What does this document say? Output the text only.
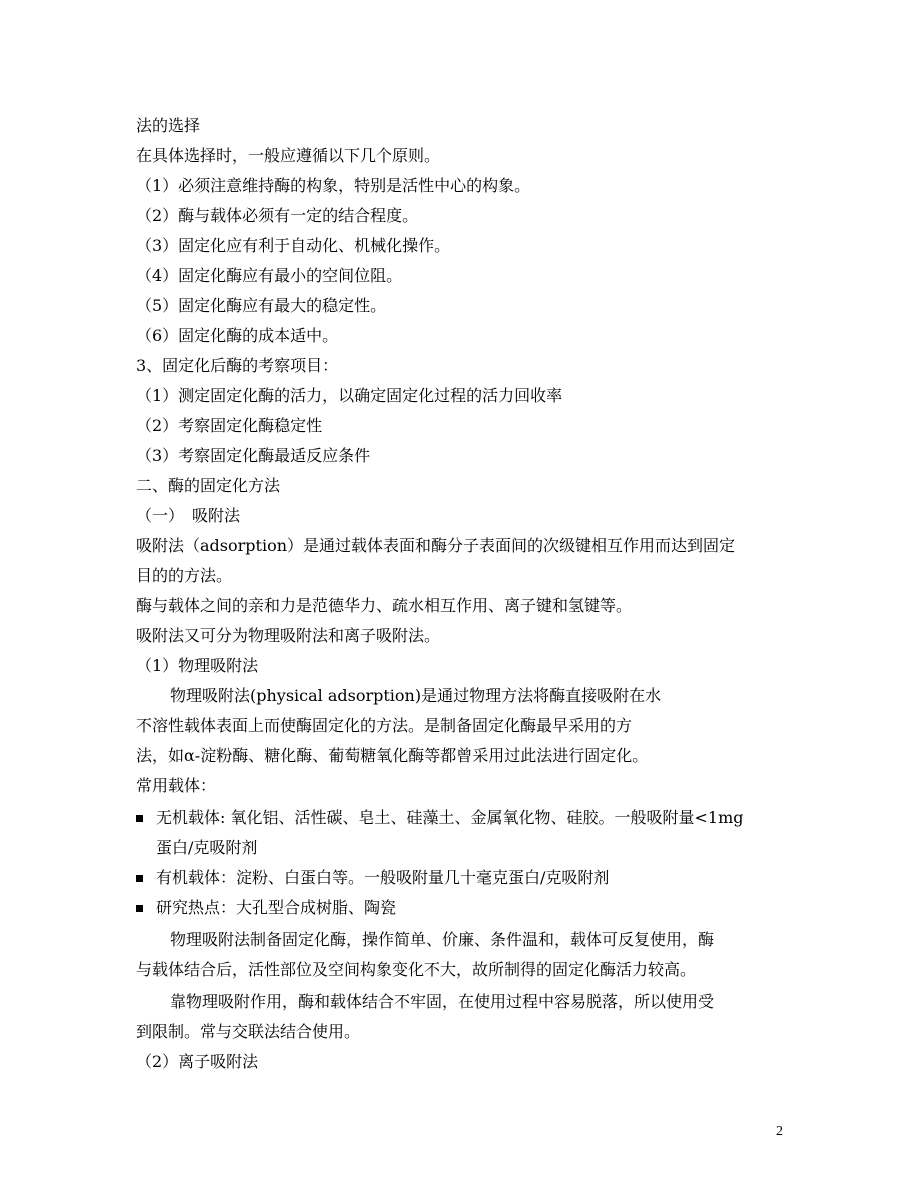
法的选择
在具体选择时，一般应遵循以下几个原则。
（1）必须注意维持酶的构象，特别是活性中心的构象。
（2）酶与载体必须有一定的结合程度。
（3）固定化应有利于自动化、机械化操作。
（4）固定化酶应有最小的空间位阻。
（5）固定化酶应有最大的稳定性。
（6）固定化酶的成本适中。
3、固定化后酶的考察项目：
（1）测定固定化酶的活力，以确定固定化过程的活力回收率
（2）考察固定化酶稳定性
（3）考察固定化酶最适反应条件
二、酶的固定化方法
（一）　吸附法
吸附法（adsorption）是通过载体表面和酶分子表面间的次级键相互作用而达到固定
目的的方法。
酶与载体之间的亲和力是范德华力、疏水相互作用、离子键和氢键等。
吸附法又可分为物理吸附法和离子吸附法。
（1）物理吸附法
物理吸附法(physical adsorption)是通过物理方法将酶直接吸附在水
不溶性载体表面上而使酶固定化的方法。是制备固定化酶最早采用的方
法，如α-淀粉酶、糖化酶、葡萄糖氧化酶等都曾采用过此法进行固定化。
常用载体：
无机载体: 氧化铝、活性碳、皂土、硅藻土、金属氧化物、硅胶。一般吸附量<1mg
蛋白/克吸附剂
有机载体：淀粉、白蛋白等。一般吸附量几十毫克蛋白/克吸附剂
研究热点：大孔型合成树脂、陶瓷
物理吸附法制备固定化酶，操作简单、价廉、条件温和，载体可反复使用，酶
与载体结合后，活性部位及空间构象变化不大，故所制得的固定化酶活力较高。
靠物理吸附作用，酶和载体结合不牢固，在使用过程中容易脱落，所以使用受
到限制。常与交联法结合使用。
（2）离子吸附法
2
